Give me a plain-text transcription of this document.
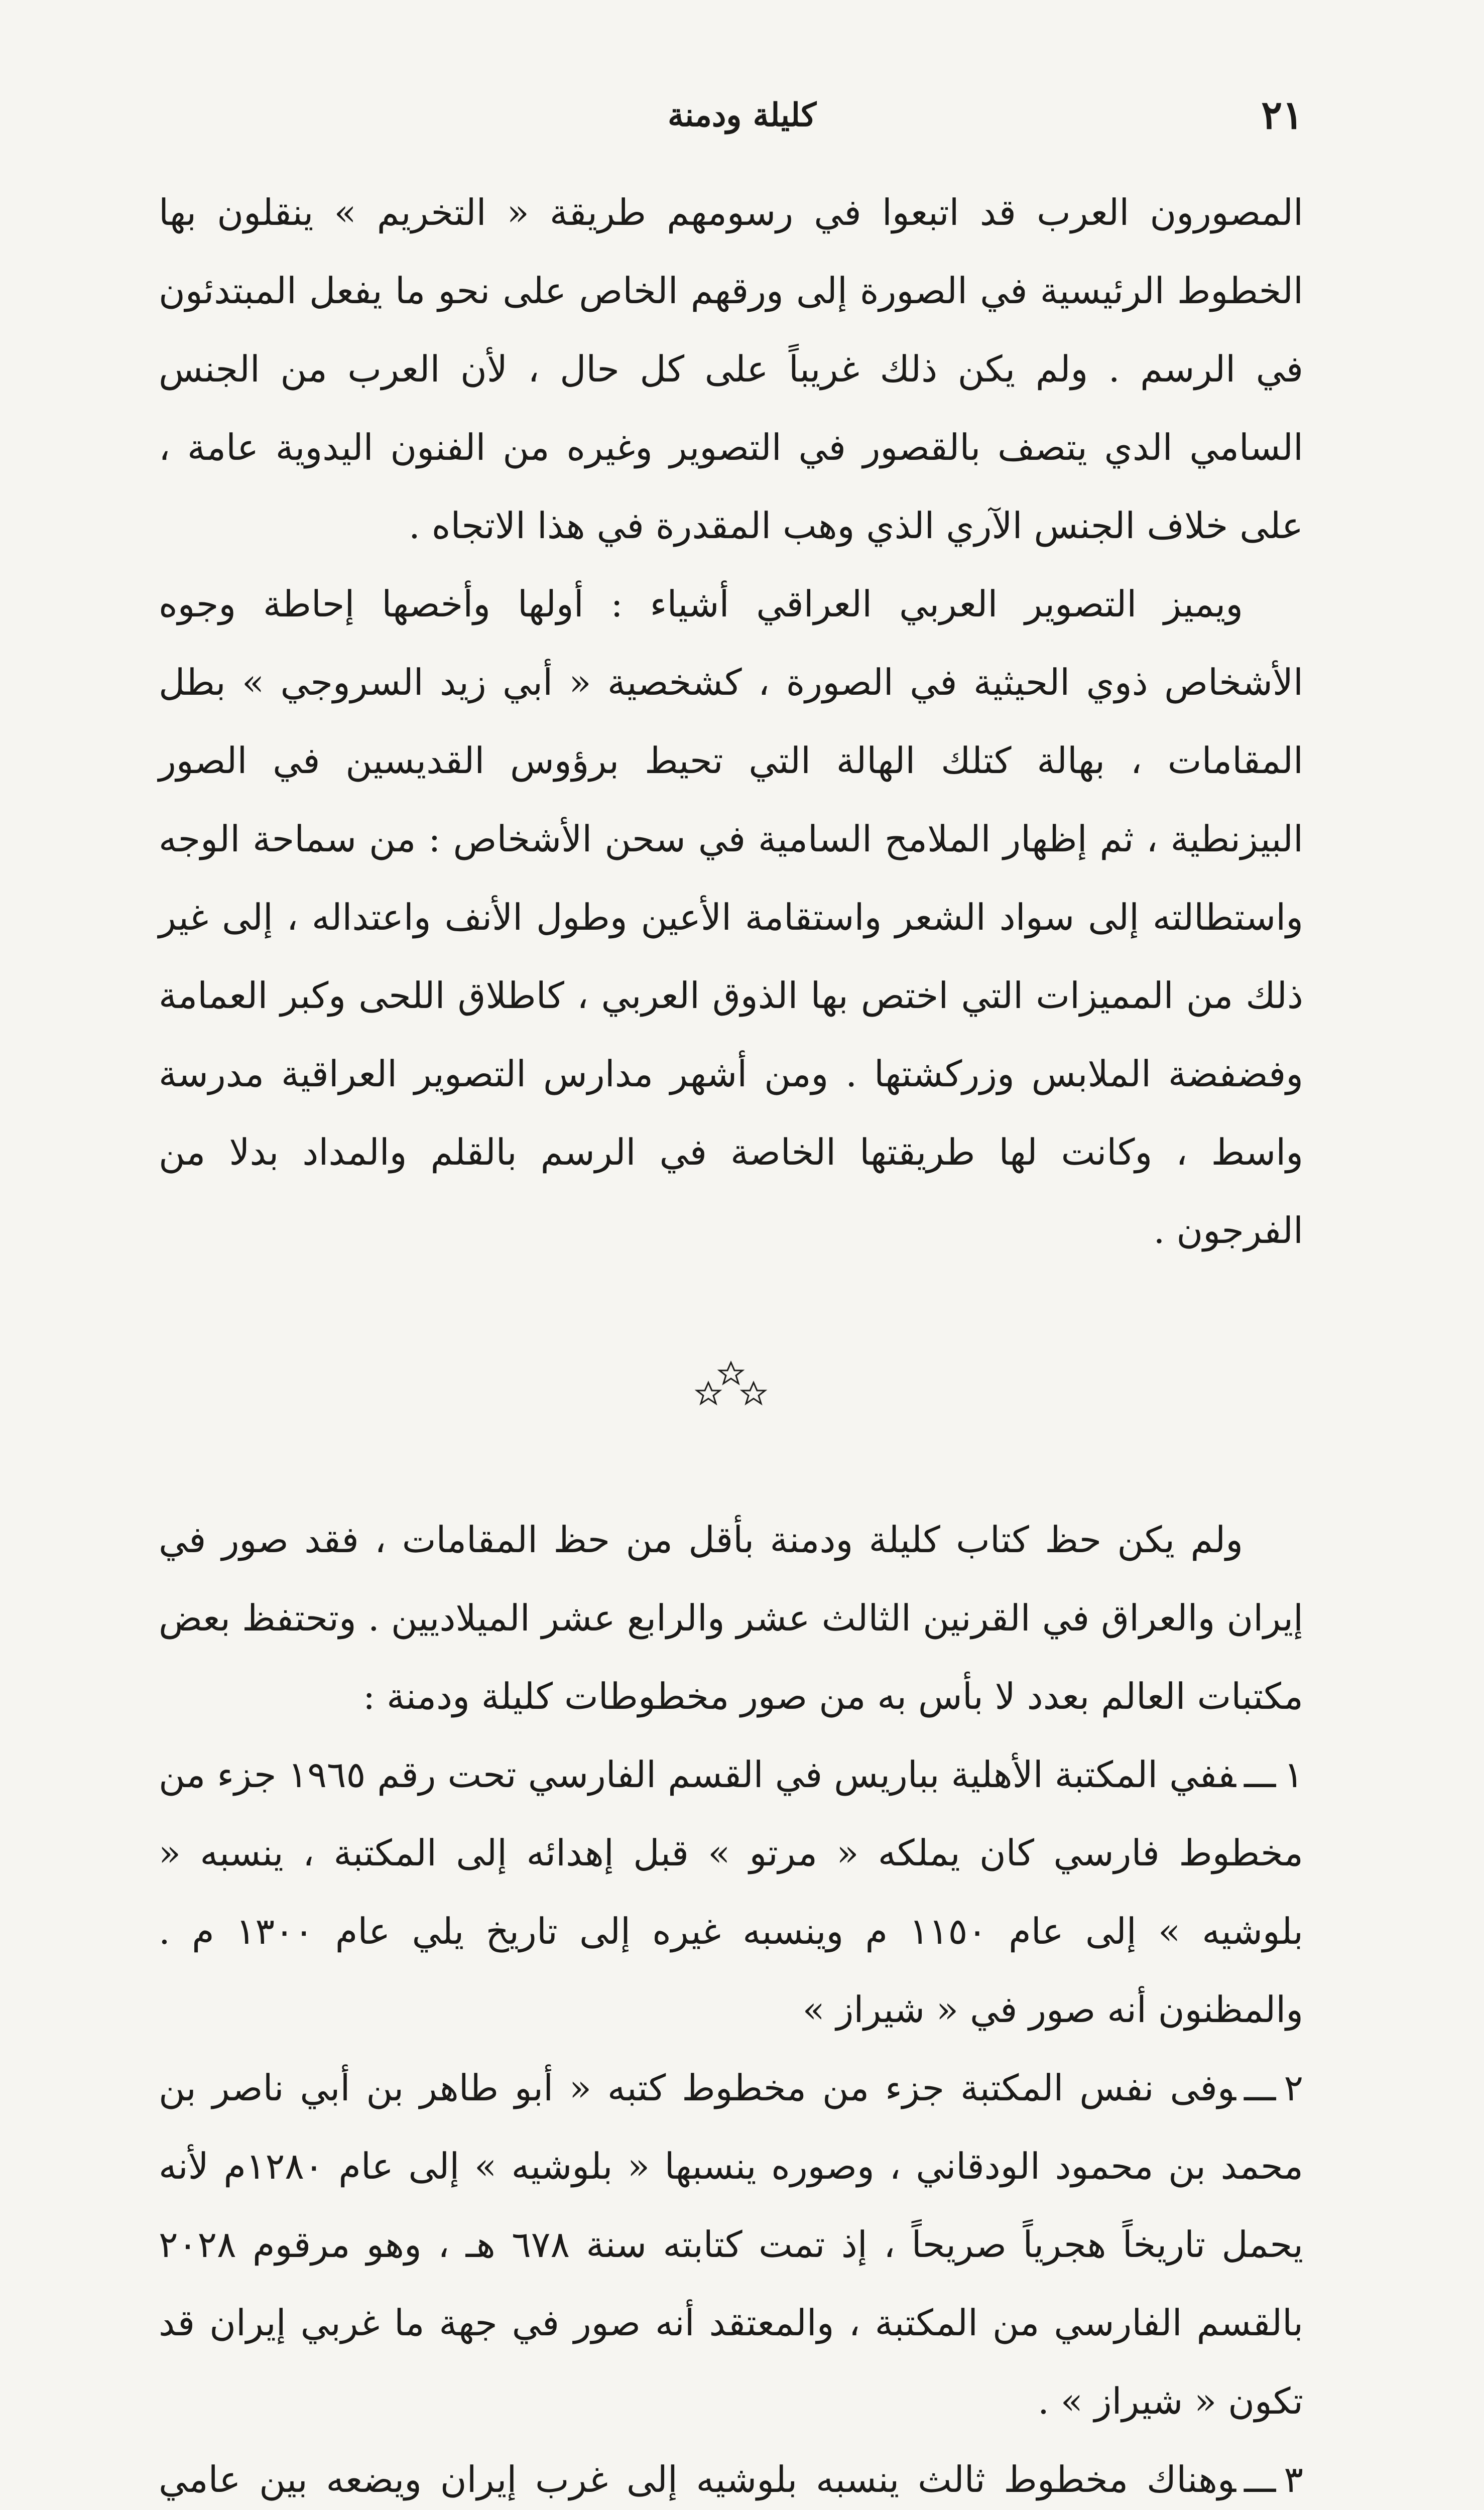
٢١
كليلة ودمنة

المصورون العرب قد اتبعوا في رسومهم طريقة « التخريم » ينقلون بها الخطوط الرئيسية في الصورة إلى ورقهم الخاص على نحو ما يفعل المبتدئون في الرسم . ولم يكن ذلك غريباً على كل حال ، لأن العرب من الجنس السامي الدي يتصف بالقصور في التصوير وغيره من الفنون اليدوية عامة ، على خلاف الجنس الآري الذي وهب المقدرة في هذا الاتجاه .

ويميز التصوير العربي العراقي أشياء : أولها وأخصها إحاطة وجوه الأشخاص ذوي الحيثية في الصورة ، كشخصية « أبي زيد السروجي » بطل المقامات ، بهالة كتلك الهالة التي تحيط برؤوس القديسين في الصور البيزنطية ، ثم إظهار الملامح السامية في سحن الأشخاص : من سماحة الوجه واستطالته إلى سواد الشعر واستقامة الأعين وطول الأنف واعتداله ، إلى غير ذلك من المميزات التي اختص بها الذوق العربي ، كاطلاق اللحى وكبر العمامة وفضفضة الملابس وزركشتها . ومن أشهر مدارس التصوير العراقية مدرسة واسط ، وكانت لها طريقتها الخاصة في الرسم بالقلم والمداد بدلا من الفرجون .

ولم يكن حظ كتاب كليلة ودمنة بأقل من حظ المقامات ، فقد صور في إيران والعراق في القرنين الثالث عشر والرابع عشر الميلاديين . وتحتفظ بعض مكتبات العالم بعدد لا بأس به من صور مخطوطات كليلة ودمنة :

١ـــففي المكتبة الأهلية بباريس في القسم الفارسي تحت رقم ١٩٦٥ جزء من مخطوط فارسي كان يملكه « مرتو » قبل إهدائه إلى المكتبة ، ينسبه « بلوشيه » إلى عام ١١٥٠ م وينسبه غيره إلى تاريخ يلي عام ١٣٠٠ م . والمظنون أنه صور في « شيراز »

٢ـــوفى نفس المكتبة جزء من مخطوط كتبه « أبو طاهر بن أبي ناصر بن محمد بن محمود الودقاني ، وصوره ينسبها « بلوشيه » إلى عام ١٢٨٠م لأنه يحمل تاريخاً هجرياً صريحاً ، إذ تمت كتابته سنة ٦٧٨ هـ ، وهو مرقوم ٢٠٢٨ بالقسم الفارسي من المكتبة ، والمعتقد أنه صور في جهة ما غربي إيران قد تكون « شيراز » .

٣ـــوهناك مخطوط ثالث ينسبه بلوشيه إلى غرب إيران ويضعه بين عامي
